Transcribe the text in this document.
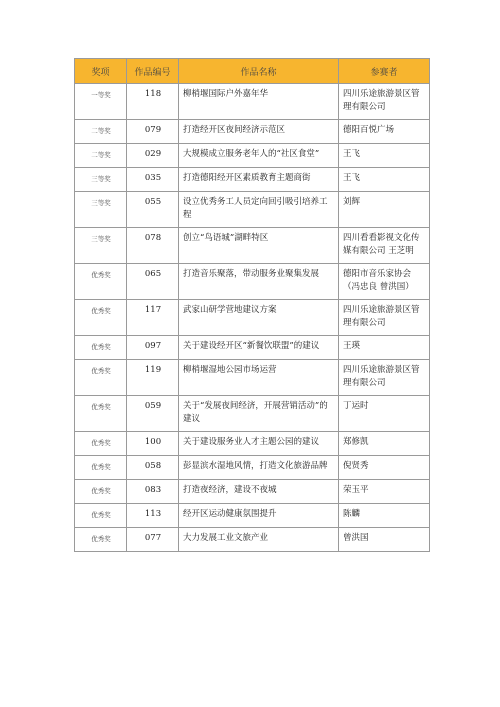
奖项	作品编号	作品名称	参赛者
一等奖	118	柳梢堰国际户外嘉年华	四川乐途旅游景区管理有限公司
二等奖	079	打造经开区夜间经济示范区	德阳百悦广场
二等奖	029	大规模成立服务老年人的“社区食堂”	王飞
三等奖	035	打造德阳经开区素质教育主题商街	王飞
三等奖	055	设立优秀务工人员定向回引吸引培养工程	刘辉
三等奖	078	创立“鸟语城”湖畔特区	四川看看影视文化传媒有限公司 王芝明
优秀奖	065	打造音乐聚落，带动服务业聚集发展	德阳市音乐家协会（冯忠良 曾洪国）
优秀奖	117	武家山研学营地建议方案	四川乐途旅游景区管理有限公司
优秀奖	097	关于建设经开区“新餐饮联盟”的建议	王瑛
优秀奖	119	柳梢堰湿地公园市场运营	四川乐途旅游景区管理有限公司
优秀奖	059	关于“发展夜间经济，开展营销活动”的建议	丁运时
优秀奖	100	关于建设服务业人才主题公园的建议	郑修凯
优秀奖	058	彭显滨水湿地风情，打造文化旅游品牌	倪贤秀
优秀奖	083	打造夜经济，建设不夜城	荣玉平
优秀奖	113	经开区运动健康氛围提升	陈麟
优秀奖	077	大力发展工业文旅产业	曾洪国
